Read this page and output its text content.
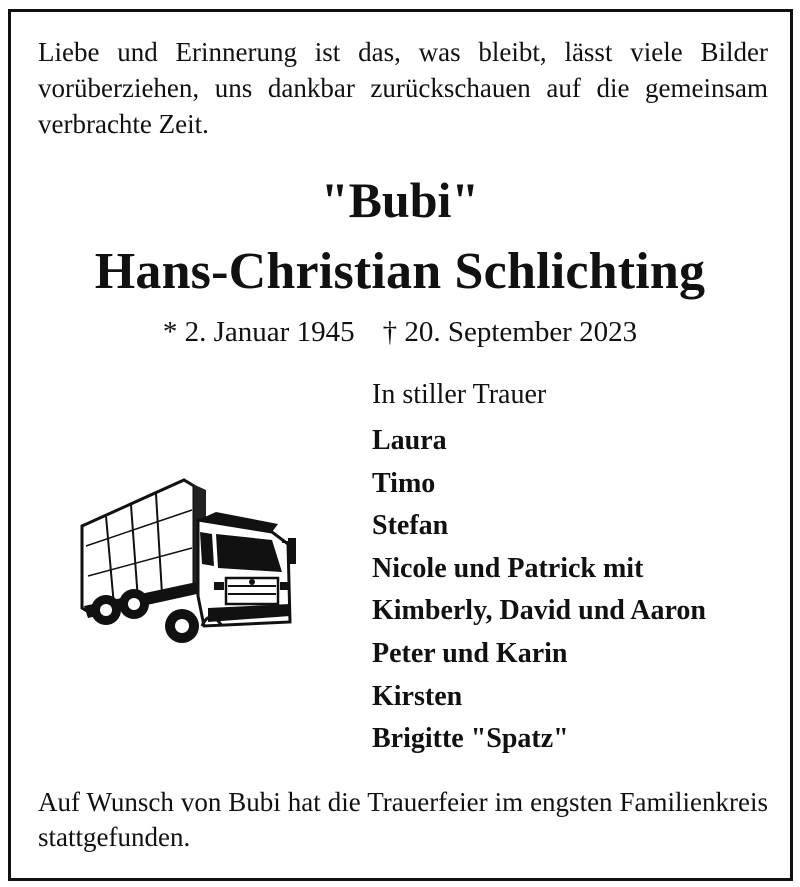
Liebe und Erinnerung ist das, was bleibt, lässt viele Bilder vorüberziehen, uns dankbar zurückschauen auf die gemeinsam verbrachte Zeit.

"Bubi"
Hans-Christian Schlichting
* 2. Januar 1945 † 20. September 2023
In stiller Trauer
Laura
Timo
Stefan
Nicole und Patrick mit
Kimberly, David und Aaron
Peter und Karin
Kirsten
Brigitte "Spatz"

Auf Wunsch von Bubi hat die Trauerfeier im engsten Familienkreis stattgefunden.
